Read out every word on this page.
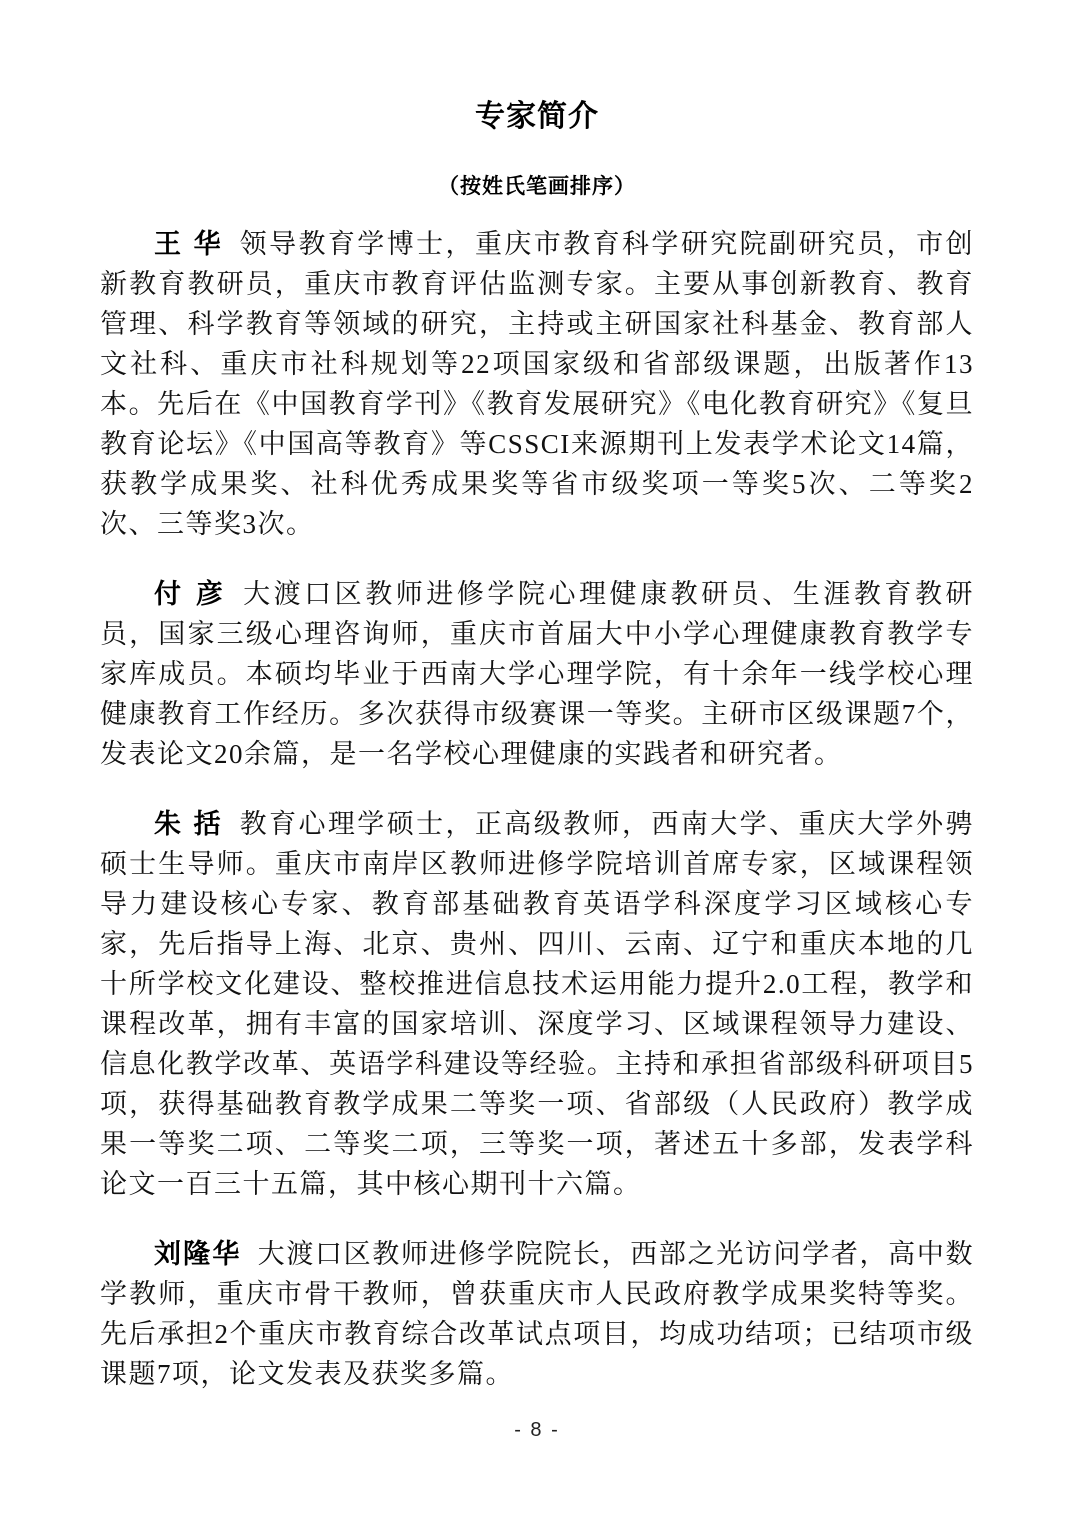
专家简介
（按姓氏笔画排序）

王 华 领导教育学博士，重庆市教育科学研究院副研究员，市创新教育教研员，重庆市教育评估监测专家。主要从事创新教育、教育管理、科学教育等领域的研究，主持或主研国家社科基金、教育部人文社科、重庆市社科规划等22项国家级和省部级课题，出版著作13本。先后在《中国教育学刊》《教育发展研究》《电化教育研究》《复旦教育论坛》《中国高等教育》等CSSCI来源期刊上发表学术论文14篇，获教学成果奖、社科优秀成果奖等省市级奖项一等奖5次、二等奖2次、三等奖3次。

付 彦 大渡口区教师进修学院心理健康教研员、生涯教育教研员，国家三级心理咨询师，重庆市首届大中小学心理健康教育教学专家库成员。本硕均毕业于西南大学心理学院，有十余年一线学校心理健康教育工作经历。多次获得市级赛课一等奖。主研市区级课题7个，发表论文20余篇，是一名学校心理健康的实践者和研究者。

朱 括 教育心理学硕士，正高级教师，西南大学、重庆大学外骋硕士生导师。重庆市南岸区教师进修学院培训首席专家，区域课程领导力建设核心专家、教育部基础教育英语学科深度学习区域核心专家，先后指导上海、北京、贵州、四川、云南、辽宁和重庆本地的几十所学校文化建设、整校推进信息技术运用能力提升2.0工程，教学和课程改革，拥有丰富的国家培训、深度学习、区域课程领导力建设、信息化教学改革、英语学科建设等经验。主持和承担省部级科研项目5项，获得基础教育教学成果二等奖一项、省部级（人民政府）教学成果一等奖二项、二等奖二项，三等奖一项，著述五十多部，发表学科论文一百三十五篇，其中核心期刊十六篇。

刘隆华 大渡口区教师进修学院院长，西部之光访问学者，高中数学教师，重庆市骨干教师，曾获重庆市人民政府教学成果奖特等奖。先后承担2个重庆市教育综合改革试点项目，均成功结项；已结项市级课题7项，论文发表及获奖多篇。

- 8 -
